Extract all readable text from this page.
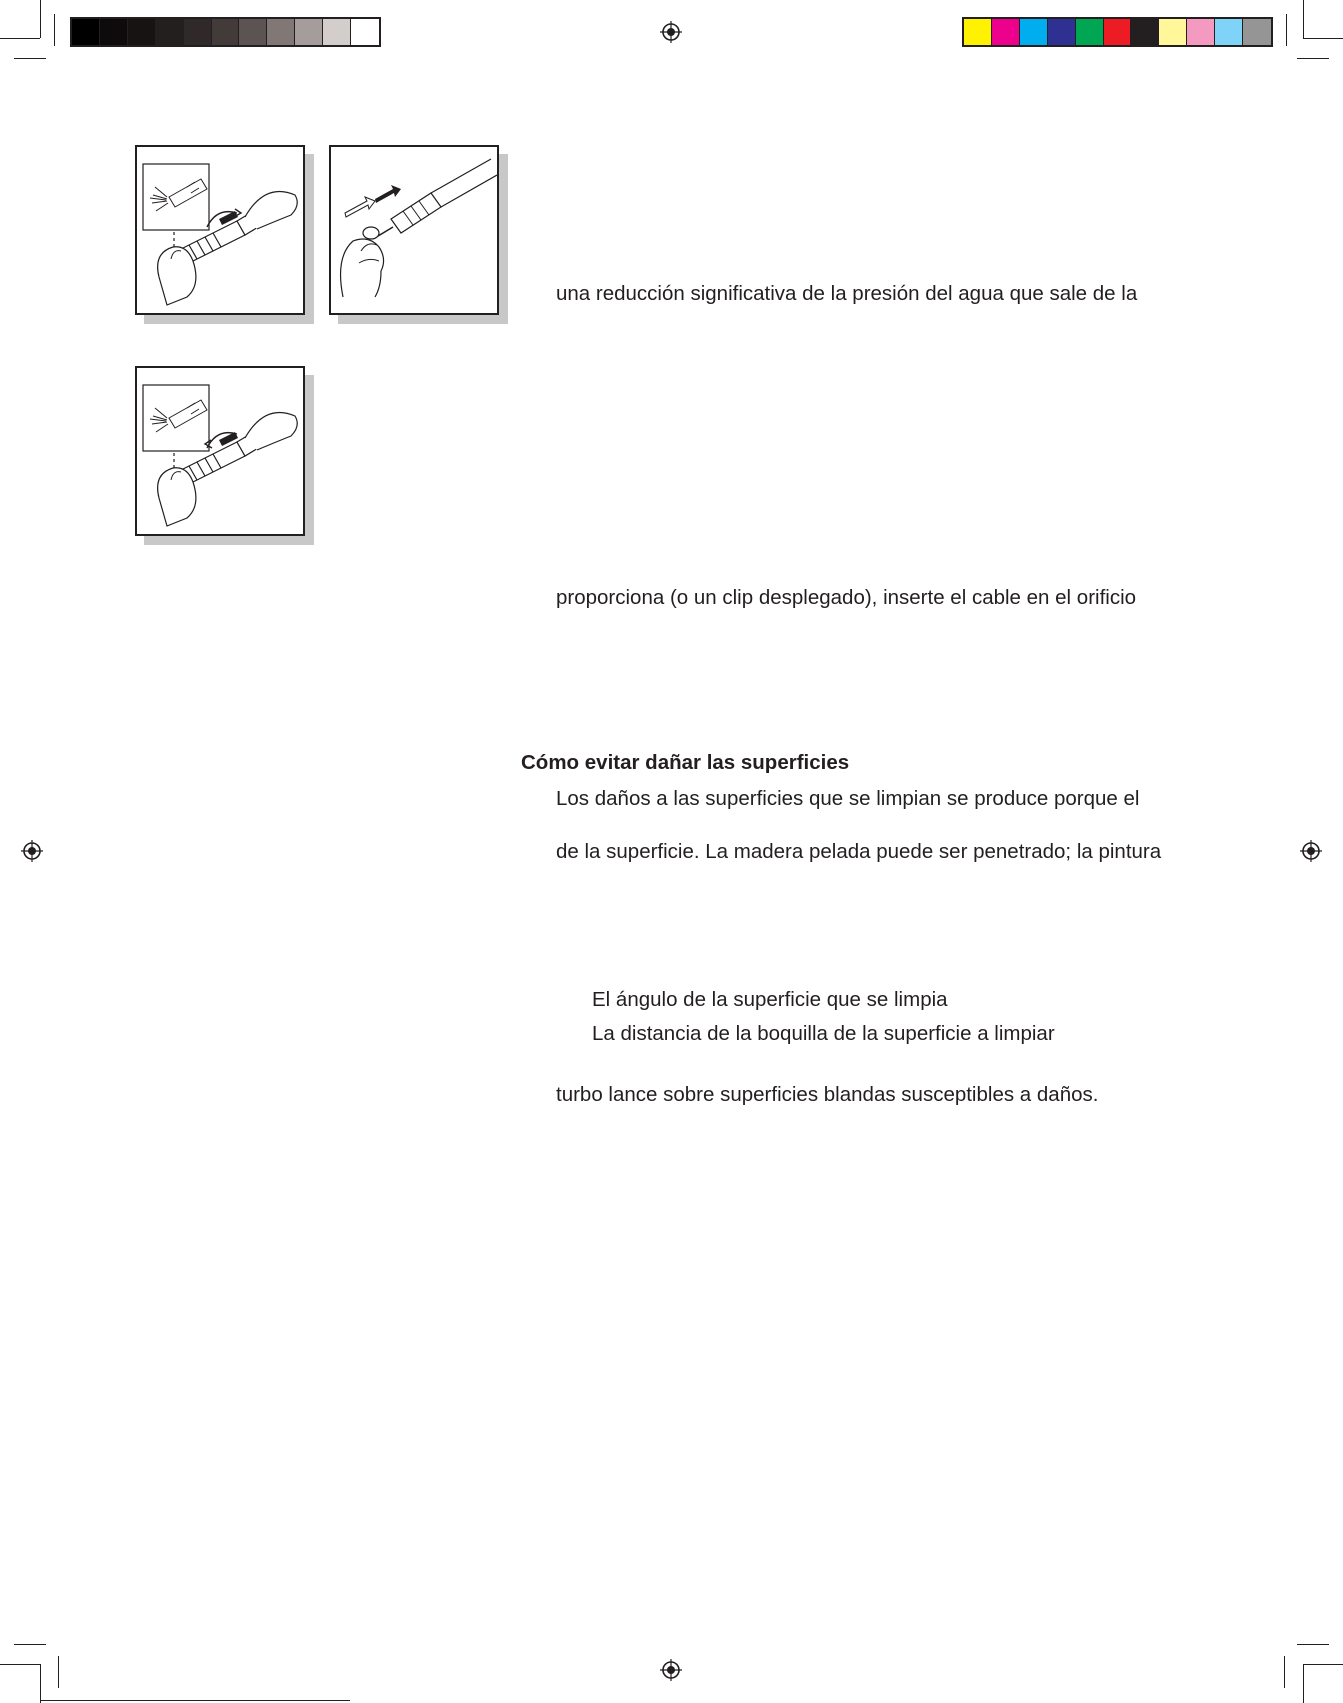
una reducción significativa de la presión del agua que sale de la
proporciona (o un clip desplegado), inserte el cable en el orificio
Cómo evitar dañar las superficies
Los daños a las superficies que se limpian se produce porque el
de la superficie. La madera pelada puede ser penetrado; la pintura
El ángulo de la superficie que se limpia
La distancia de la boquilla de la superficie a limpiar
turbo lance sobre superficies blandas susceptibles a daños.
